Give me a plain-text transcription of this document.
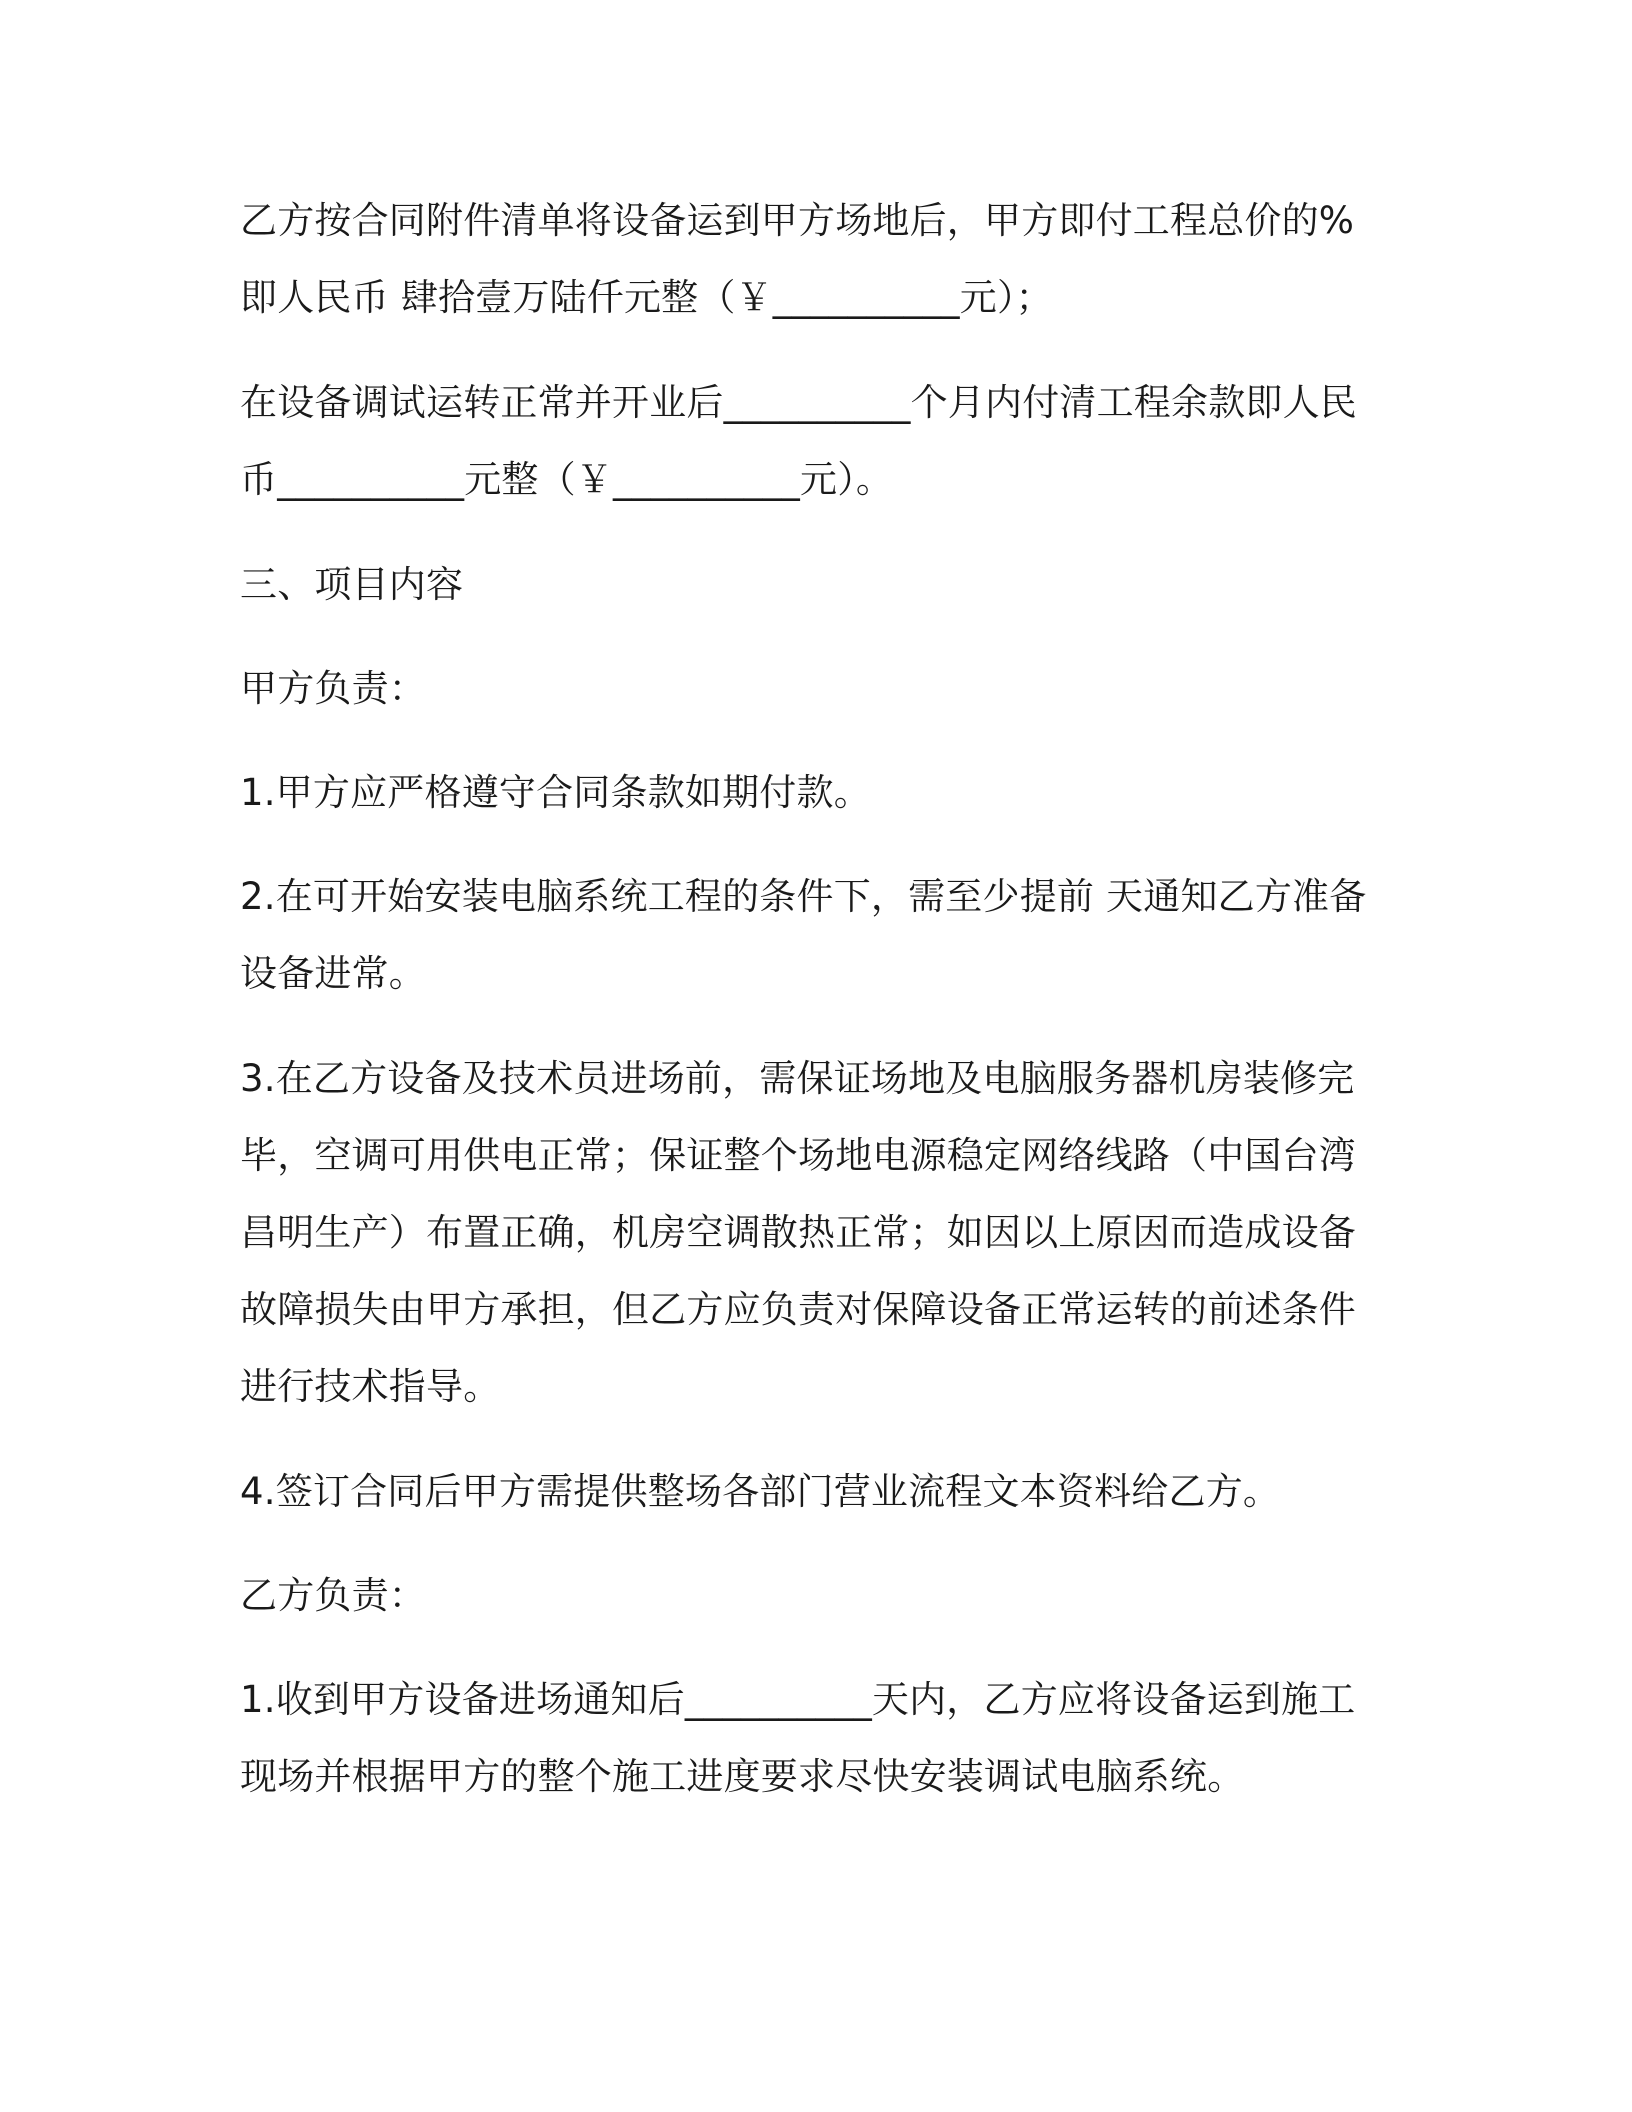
乙方按合同附件清单将设备运到甲方场地后，甲方即付工程总价的%即人民币 肆拾壹万陆仟元整（￥__________元）；

在设备调试运转正常并开业后__________个月内付清工程余款即人民币__________元整（￥__________元）。

三、项目内容

甲方负责：

1.甲方应严格遵守合同条款如期付款。

2.在可开始安装电脑系统工程的条件下，需至少提前 天通知乙方准备设备进常。

3.在乙方设备及技术员进场前，需保证场地及电脑服务器机房装修完毕，空调可用供电正常；保证整个场地电源稳定网络线路（中国台湾昌明生产）布置正确，机房空调散热正常；如因以上原因而造成设备故障损失由甲方承担，但乙方应负责对保障设备正常运转的前述条件进行技术指导。

4.签订合同后甲方需提供整场各部门营业流程文本资料给乙方。

乙方负责：

1.收到甲方设备进场通知后__________天内，乙方应将设备运到施工现场并根据甲方的整个施工进度要求尽快安装调试电脑系统。
